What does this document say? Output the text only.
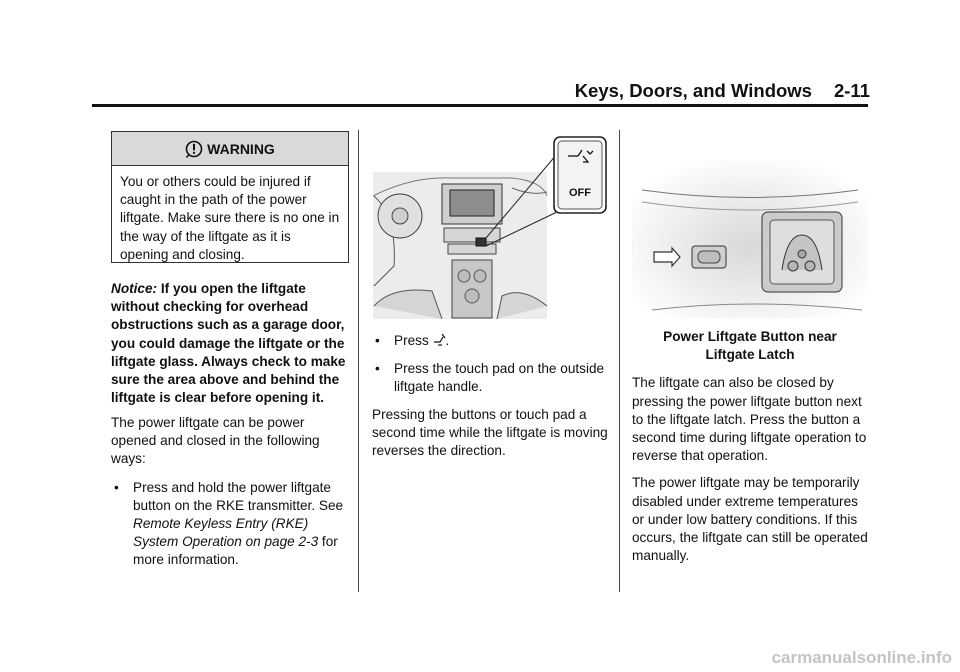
Keys, Doors, and Windows 2-11
WARNING

You or others could be injured if caught in the path of the power liftgate. Make sure there is no one in the way of the liftgate as it is opening and closing.

Notice: If you open the liftgate without checking for overhead obstructions such as a garage door, you could damage the liftgate or the liftgate glass. Always check to make sure the area above and behind the liftgate is clear before opening it.

The power liftgate can be power opened and closed in the following ways:

• Press and hold the power liftgate button on the RKE transmitter. See Remote Keyless Entry (RKE) System Operation on page 2-3 for more information.
OFF
• Press .
• Press the touch pad on the outside liftgate handle.

Pressing the buttons or touch pad a second time while the liftgate is moving reverses the direction.

Power Liftgate Button near Liftgate Latch

The liftgate can also be closed by pressing the power liftgate button next to the liftgate latch. Press the button a second time during liftgate operation to reverse that operation.

The power liftgate may be temporarily disabled under extreme temperatures or under low battery conditions. If this occurs, the liftgate can still be operated manually.

carmanualsonline.info
